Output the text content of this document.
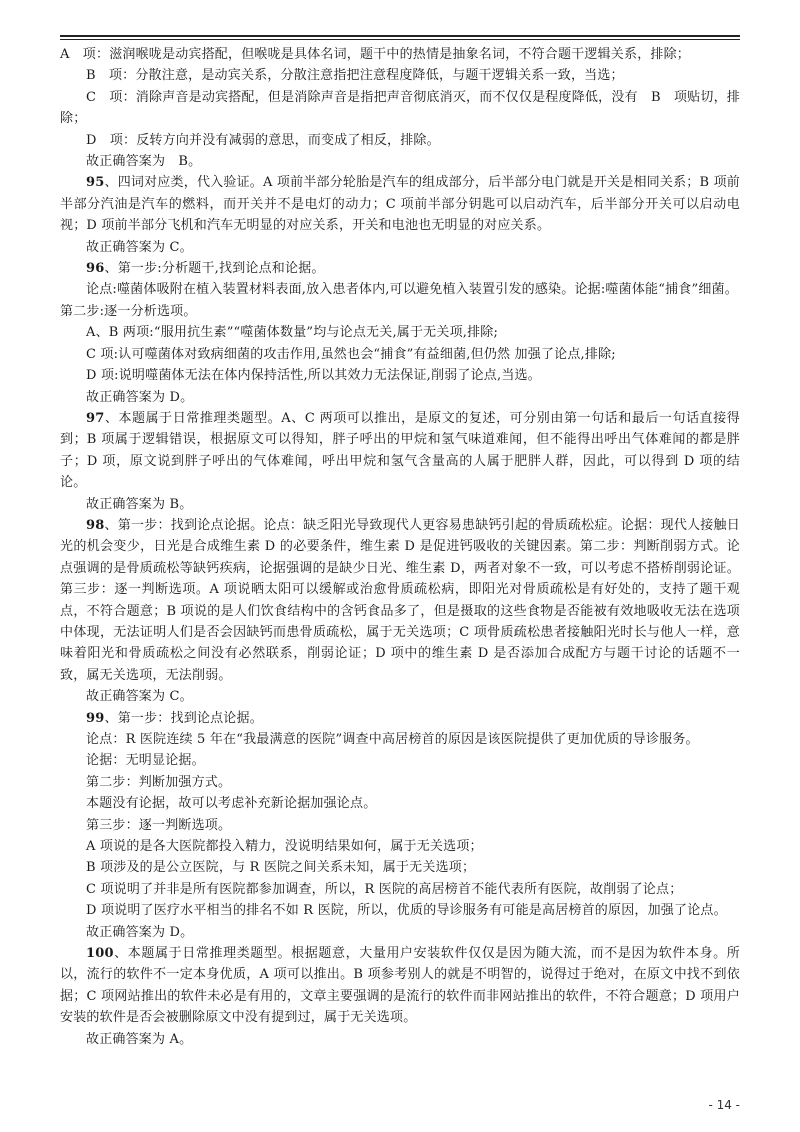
A　项：滋润喉咙是动宾搭配，但喉咙是具体名词，题干中的热情是抽象名词，不符合题干逻辑关系，排除；

B　项：分散注意，是动宾关系，分散注意指把注意程度降低，与题干逻辑关系一致，当选；

C　项：消除声音是动宾搭配，但是消除声音是指把声音彻底消灭，而不仅仅是程度降低，没有　B　项贴切，排除；

D　项：反转方向并没有减弱的意思，而变成了相反，排除。

故正确答案为　B。

95、四词对应类，代入验证。A 项前半部分轮胎是汽车的组成部分，后半部分电门就是开关是相同关系；B 项前半部分汽油是汽车的燃料，而开关并不是电灯的动力；C 项前半部分钥匙可以启动汽车，后半部分开关可以启动电视；D 项前半部分飞机和汽车无明显的对应关系，开关和电池也无明显的对应关系。

故正确答案为 C。

96、第一步:分析题干,找到论点和论据。

论点:噬菌体吸附在植入装置材料表面,放入患者体内,可以避免植入装置引发的感染。论据:噬菌体能“捕食”细菌。

第二步:逐一分析选项。

A、B 两项:“服用抗生素”“噬菌体数量”均与论点无关,属于无关项,排除;

C 项:认可噬菌体对致病细菌的攻击作用,虽然也会“捕食”有益细菌,但仍然 加强了论点,排除;

D 项:说明噬菌体无法在体内保持活性,所以其效力无法保证,削弱了论点,当选。

故正确答案为 D。

97、本题属于日常推理类题型。A、C 两项可以推出，是原文的复述，可分别由第一句话和最后一句话直接得到；B 项属于逻辑错误，根据原文可以得知，胖子呼出的甲烷和氢气味道难闻，但不能得出呼出气体难闻的都是胖子；D 项，原文说到胖子呼出的气体难闻，呼出甲烷和氢气含量高的人属于肥胖人群，因此，可以得到 D 项的结论。

故正确答案为 B。

98、第一步：找到论点论据。论点：缺乏阳光导致现代人更容易患缺钙引起的骨质疏松症。论据：现代人接触日光的机会变少，日光是合成维生素 D 的必要条件，维生素 D 是促进钙吸收的关键因素。第二步：判断削弱方式。论点强调的是骨质疏松等缺钙疾病，论据强调的是缺少日光、维生素 D，两者对象不一致，可以考虑不搭桥削弱论证。第三步：逐一判断选项。A 项说晒太阳可以缓解或治愈骨质疏松病，即阳光对骨质疏松是有好处的，支持了题干观点，不符合题意；B 项说的是人们饮食结构中的含钙食品多了，但是摄取的这些食物是否能被有效地吸收无法在选项中体现，无法证明人们是否会因缺钙而患骨质疏松，属于无关选项；C 项骨质疏松患者接触阳光时长与他人一样，意味着阳光和骨质疏松之间没有必然联系，削弱论证；D 项中的维生素 D 是否添加合成配方与题干讨论的话题不一致，属无关选项，无法削弱。

故正确答案为 C。

99、第一步：找到论点论据。

论点：R 医院连续 5 年在“我最满意的医院”调查中高居榜首的原因是该医院提供了更加优质的导诊服务。

论据：无明显论据。

第二步：判断加强方式。

本题没有论据，故可以考虑补充新论据加强论点。

第三步：逐一判断选项。

A 项说的是各大医院都投入精力，没说明结果如何，属于无关选项；

B 项涉及的是公立医院，与 R 医院之间关系未知，属于无关选项；

C 项说明了并非是所有医院都参加调查，所以，R 医院的高居榜首不能代表所有医院，故削弱了论点；

D 项说明了医疗水平相当的排名不如 R 医院，所以，优质的导诊服务有可能是高居榜首的原因，加强了论点。

故正确答案为 D。

100、本题属于日常推理类题型。根据题意，大量用户安装软件仅仅是因为随大流，而不是因为软件本身。所以，流行的软件不一定本身优质，A 项可以推出。B 项参考别人的就是不明智的，说得过于绝对，在原文中找不到依据；C 项网站推出的软件未必是有用的，文章主要强调的是流行的软件而非网站推出的软件，不符合题意；D 项用户安装的软件是否会被删除原文中没有提到过，属于无关选项。

故正确答案为 A。

- 14 -
